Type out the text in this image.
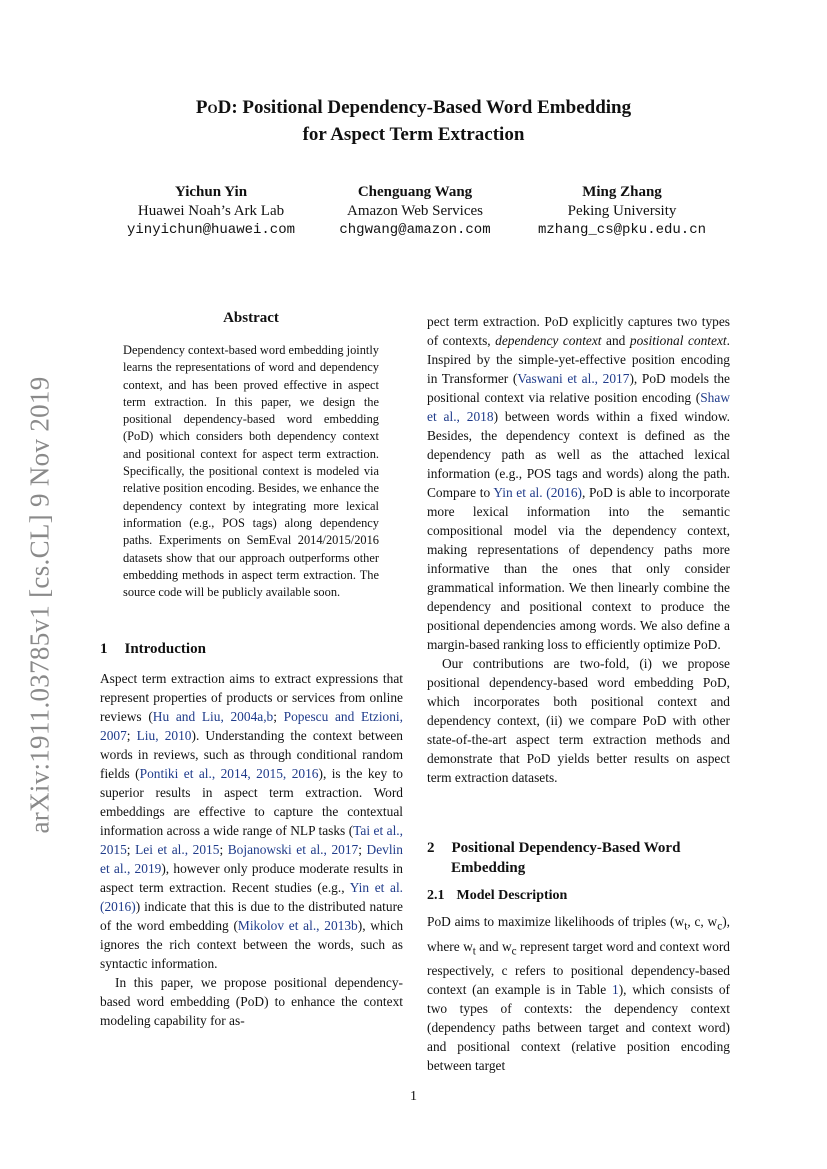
arXiv:1911.03785v1 [cs.CL] 9 Nov 2019
PoD: Positional Dependency-Based Word Embedding
for Aspect Term Extraction
Yichun Yin
Huawei Noah’s Ark Lab
yinyichun@huawei.com
Chenguang Wang
Amazon Web Services
chgwang@amazon.com
Ming Zhang
Peking University
mzhang_cs@pku.edu.cn
Abstract
Dependency context-based word embedding jointly learns the representations of word and dependency context, and has been proved effective in aspect term extraction. In this paper, we design the positional dependency-based word embedding (PoD) which considers both dependency context and positional context for aspect term extraction. Specifically, the positional context is modeled via relative position encoding. Besides, we enhance the dependency context by integrating more lexical information (e.g., POS tags) along dependency paths. Experiments on SemEval 2014/2015/2016 datasets show that our approach outperforms other embedding methods in aspect term extraction. The source code will be publicly available soon.
1 Introduction

Aspect term extraction aims to extract expressions that represent properties of products or services from online reviews (Hu and Liu, 2004a,b; Popescu and Etzioni, 2007; Liu, 2010). Understanding the context between words in reviews, such as through conditional random fields (Pontiki et al., 2014, 2015, 2016), is the key to superior results in aspect term extraction. Word embeddings are effective to capture the contextual information across a wide range of NLP tasks (Tai et al., 2015; Lei et al., 2015; Bojanowski et al., 2017; Devlin et al., 2019), however only produce moderate results in aspect term extraction. Recent studies (e.g., Yin et al. (2016)) indicate that this is due to the distributed nature of the word embedding (Mikolov et al., 2013b), which ignores the rich context between the words, such as syntactic information.

In this paper, we propose positional dependency-based word embedding (PoD) to enhance the context modeling capability for as-

pect term extraction. PoD explicitly captures two types of contexts, dependency context and positional context. Inspired by the simple-yet-effective position encoding in Transformer (Vaswani et al., 2017), PoD models the positional context via relative position encoding (Shaw et al., 2018) between words within a fixed window. Besides, the dependency context is defined as the dependency path as well as the attached lexical information (e.g., POS tags and words) along the path. Compare to Yin et al. (2016), PoD is able to incorporate more lexical information into the semantic compositional model via the dependency context, making representations of dependency paths more informative than the ones that only consider grammatical information. We then linearly combine the dependency and positional context to produce the positional dependencies among words. We also define a margin-based ranking loss to efficiently optimize PoD.

Our contributions are two-fold, (i) we propose positional dependency-based word embedding PoD, which incorporates both positional context and dependency context, (ii) we compare PoD with other state-of-the-art aspect term extraction methods and demonstrate that PoD yields better results on aspect term extraction datasets.

2 Positional Dependency-Based Word
Embedding
2.1 Model Description

PoD aims to maximize likelihoods of triples ($w_t$, c, $w_c$), where $w_t$ and $w_c$ represent target word and context word respectively, c refers to positional dependency-based context (an example is in Table 1), which consists of two types of contexts: the dependency context (dependency paths between target and context word) and positional context (relative position encoding between target

1
